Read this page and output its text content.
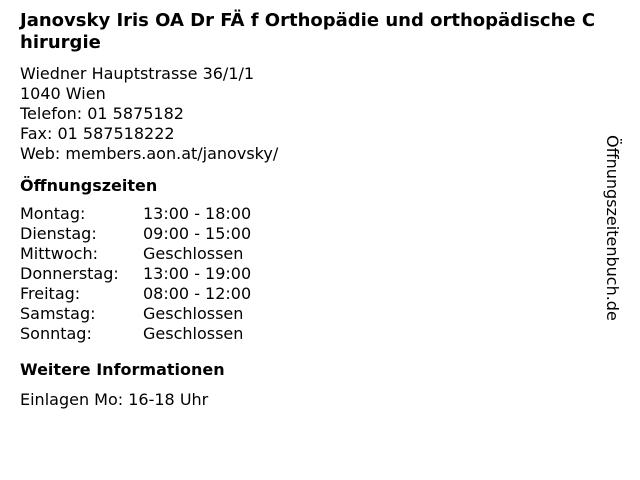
Janovsky Iris OA Dr FÄ f Orthopädie und orthopädische Chirurgie
Wiedner Hauptstrasse 36/1/1
1040 Wien
Telefon: 01 5875182
Fax: 01 587518222
Web: members.aon.at/janovsky/
Öffnungszeiten
Montag:	13:00 - 18:00
Dienstag:	09:00 - 15:00
Mittwoch:	Geschlossen
Donnerstag:	13:00 - 19:00
Freitag:	08:00 - 12:00
Samstag:	Geschlossen
Sonntag:	Geschlossen
Weitere Informationen
Einlagen Mo: 16-18 Uhr
Öffnungszeitenbuch.de
